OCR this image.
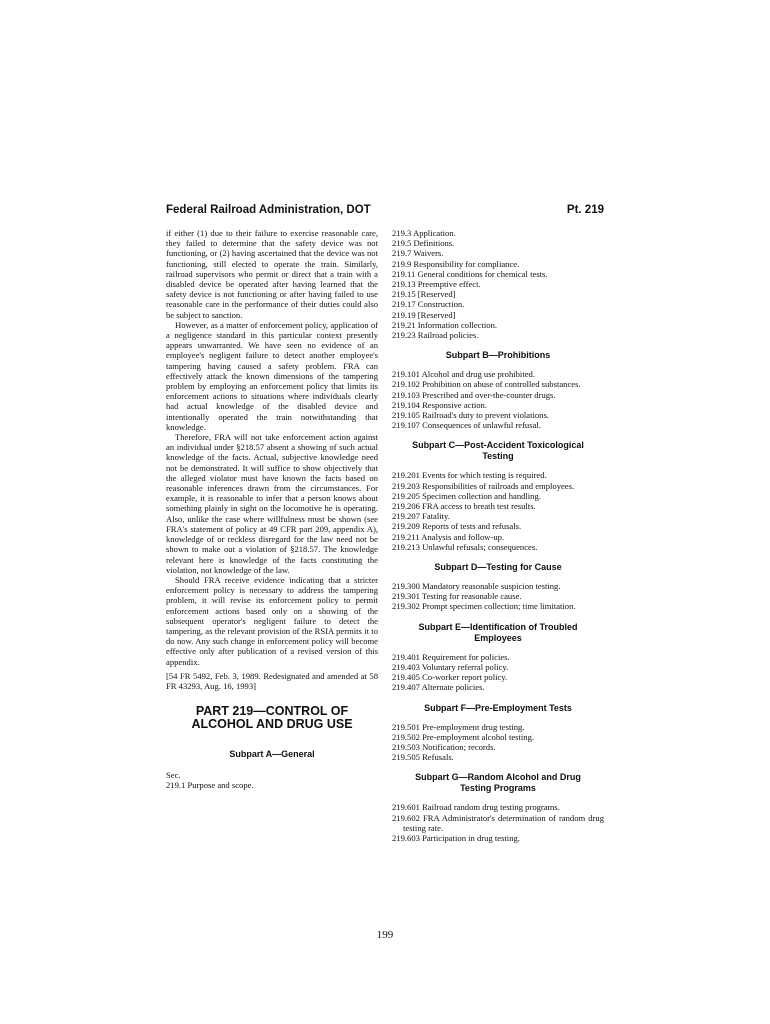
Federal Railroad Administration, DOT	Pt. 219

if either (1) due to their failure to exercise reasonable care, they failed to determine that the safety device was not functioning, or (2) having ascertained that the device was not functioning, still elected to operate the train. Similarly, railroad supervisors who permit or direct that a train with a disabled device be operated after having learned that the safety device is not functioning or after having failed to use reasonable care in the performance of their duties could also be subject to sanction.

However, as a matter of enforcement policy, application of a negligence standard in this particular context presently appears unwarranted. We have seen no evidence of an employee's negligent failure to detect another employee's tampering having caused a safety problem. FRA can effectively attack the known dimensions of the tampering problem by employing an enforcement policy that limits its enforcement actions to situations where individuals clearly had actual knowledge of the disabled device and intentionally operated the train notwithstanding that knowledge.

Therefore, FRA will not take enforcement action against an individual under §218.57 absent a showing of such actual knowledge of the facts. Actual, subjective knowledge need not be demonstrated. It will suffice to show objectively that the alleged violator must have known the facts based on reasonable inferences drawn from the circumstances. For example, it is reasonable to infer that a person knows about something plainly in sight on the locomotive he is operating. Also, unlike the case where willfulness must be shown (see FRA's statement of policy at 49 CFR part 209, appendix A), knowledge of or reckless disregard for the law need not be shown to make out a violation of §218.57. The knowledge relevant here is knowledge of the facts constituting the violation, not knowledge of the law.

Should FRA receive evidence indicating that a stricter enforcement policy is necessary to address the tampering problem, it will revise its enforcement policy to permit enforcement actions based only on a showing of the subsequent operator's negligent failure to detect the tampering, as the relevant provision of the RSIA permits it to do now. Any such change in enforcement policy will become effective only after publication of a revised version of this appendix.

[54 FR 5492, Feb. 3, 1989. Redesignated and amended at 58 FR 43293, Aug. 16, 1993]

PART 219—CONTROL OF ALCOHOL AND DRUG USE
Subpart A—General

Sec.

219.1 Purpose and scope.

219.3 Application.

219.5 Definitions.

219.7 Waivers.

219.9 Responsibility for compliance.

219.11 General conditions for chemical tests.

219.13 Preemptive effect.

219.15 [Reserved]

219.17 Construction.

219.19 [Reserved]

219.21 Information collection.

219.23 Railroad policies.

Subpart B—Prohibitions

219.101 Alcohol and drug use prohibited.

219.102 Prohibition on abuse of controlled substances.

219.103 Prescribed and over-the-counter drugs.

219.104 Responsive action.

219.105 Railroad's duty to prevent violations.

219.107 Consequences of unlawful refusal.

Subpart C—Post-Accident Toxicological Testing

219.201 Events for which testing is required.

219.203 Responsibilities of railroads and employees.

219.205 Specimen collection and handling.

219.206 FRA access to breath test results.

219.207 Fatality.

219.209 Reports of tests and refusals.

219.211 Analysis and follow-up.

219.213 Unlawful refusals; consequences.

Subpart D—Testing for Cause

219.300 Mandatory reasonable suspicion testing.

219.301 Testing for reasonable cause.

219.302 Prompt specimen collection; time limitation.

Subpart E—Identification of Troubled Employees

219.401 Requirement for policies.

219.403 Voluntary referral policy.

219.405 Co-worker report policy.

219.407 Alternate policies.

Subpart F—Pre-Employment Tests

219.501 Pre-employment drug testing.

219.502 Pre-employment alcohol testing.

219.503 Notification; records.

219.505 Refusals.

Subpart G—Random Alcohol and Drug Testing Programs

219.601 Railroad random drug testing programs.

219.602 FRA Administrator's determination of random drug testing rate.

219.603 Participation in drug testing.

199
